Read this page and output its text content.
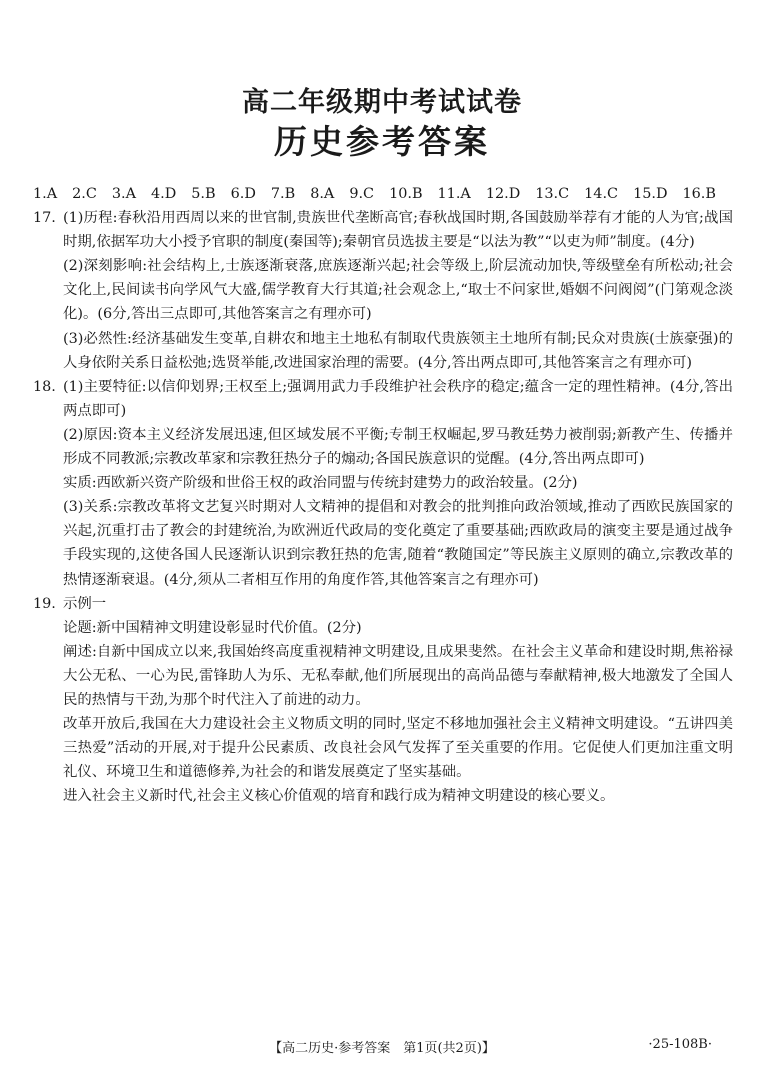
高二年级期中考试试卷
历史参考答案
1.A 2.C 3.A 4.D 5.B 6.D 7.B 8.A 9.C 10.B 11.A 12.D 13.C 14.C 15.D 16.B
17. (1)历程:春秋沿用西周以来的世官制,贵族世代垄断高官;春秋战国时期,各国鼓励举荐有才能的人为官;战国时期,依据军功大小授予官职的制度(秦国等);秦朝官员选拔主要是“以法为教”“以吏为师”制度。(4分)
(2)深刻影响:社会结构上,士族逐渐衰落,庶族逐渐兴起;社会等级上,阶层流动加快,等级壁垒有所松动;社会文化上,民间读书向学风气大盛,儒学教育大行其道;社会观念上,“取士不问家世,婚姻不问阀阅”(门第观念淡化)。(6分,答出三点即可,其他答案言之有理亦可)
(3)必然性:经济基础发生变革,自耕农和地主土地私有制取代贵族领主土地所有制;民众对贵族(士族豪强)的人身依附关系日益松弛;选贤举能,改进国家治理的需要。(4分,答出两点即可,其他答案言之有理亦可)
18. (1)主要特征:以信仰划界;王权至上;强调用武力手段维护社会秩序的稳定;蕴含一定的理性精神。(4分,答出两点即可)
(2)原因:资本主义经济发展迅速,但区域发展不平衡;专制王权崛起,罗马教廷势力被削弱;新教产生、传播并形成不同教派;宗教改革家和宗教狂热分子的煽动;各国民族意识的觉醒。(4分,答出两点即可)
实质:西欧新兴资产阶级和世俗王权的政治同盟与传统封建势力的政治较量。(2分)
(3)关系:宗教改革将文艺复兴时期对人文精神的提倡和对教会的批判推向政治领域,推动了西欧民族国家的兴起,沉重打击了教会的封建统治,为欧洲近代政局的变化奠定了重要基础;西欧政局的演变主要是通过战争手段实现的,这使各国人民逐渐认识到宗教狂热的危害,随着“教随国定”等民族主义原则的确立,宗教改革的热情逐渐衰退。(4分,须从二者相互作用的角度作答,其他答案言之有理亦可)
19. 示例一
论题:新中国精神文明建设彰显时代价值。(2分)
阐述:自新中国成立以来,我国始终高度重视精神文明建设,且成果斐然。在社会主义革命和建设时期,焦裕禄大公无私、一心为民,雷锋助人为乐、无私奉献,他们所展现出的高尚品德与奉献精神,极大地激发了全国人民的热情与干劲,为那个时代注入了前进的动力。
改革开放后,我国在大力建设社会主义物质文明的同时,坚定不移地加强社会主义精神文明建设。“五讲四美三热爱”活动的开展,对于提升公民素质、改良社会风气发挥了至关重要的作用。它促使人们更加注重文明礼仪、环境卫生和道德修养,为社会的和谐发展奠定了坚实基础。
进入社会主义新时代,社会主义核心价值观的培育和践行成为精神文明建设的核心要义。
【高二历史·参考答案　第1页(共2页)】	·25-108B·
